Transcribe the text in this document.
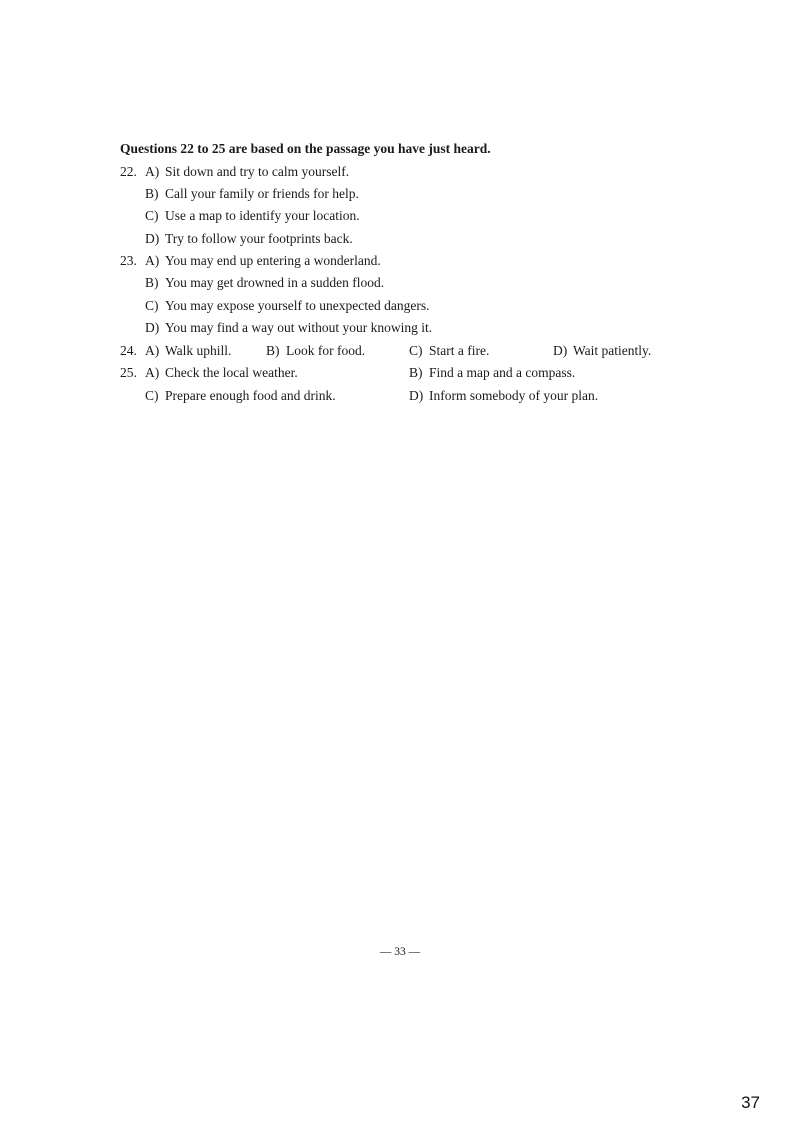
Questions 22 to 25 are based on the passage you have just heard.
22. A) Sit down and try to calm yourself.
B) Call your family or friends for help.
C) Use a map to identify your location.
D) Try to follow your footprints back.
23. A) You may end up entering a wonderland.
B) You may get drowned in a sudden flood.
C) You may expose yourself to unexpected dangers.
D) You may find a way out without your knowing it.
24. A) Walk uphill.	B) Look for food.	C) Start a fire.	D) Wait patiently.
25. A) Check the local weather.	B) Find a map and a compass.
C) Prepare enough food and drink.	D) Inform somebody of your plan.
— 33 —
37
